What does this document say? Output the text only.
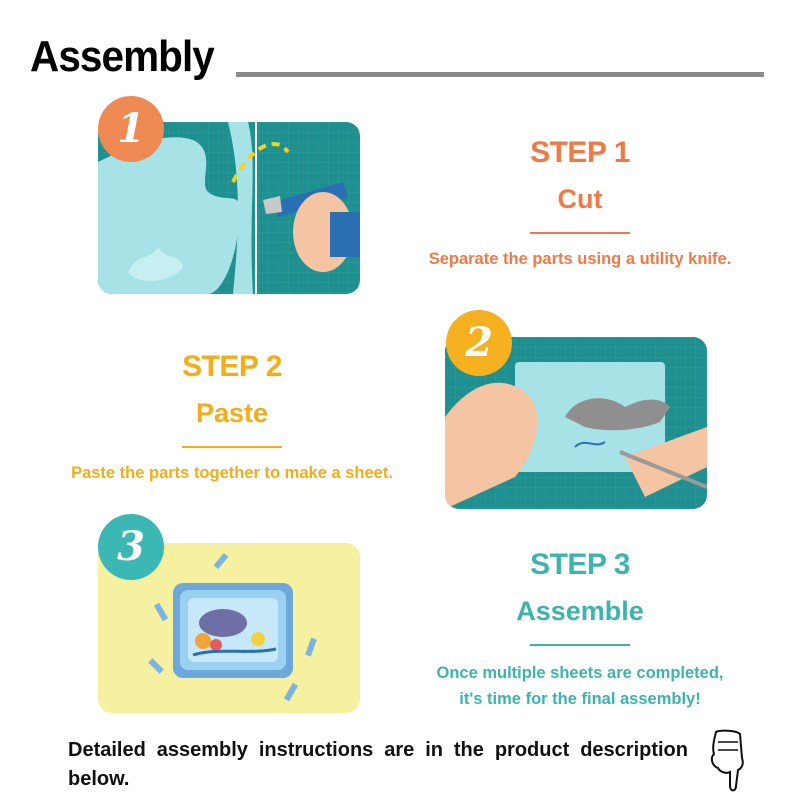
Assembly
1
STEP 1
Cut
Separate the parts using a utility knife.
STEP 2
Paste
Paste the parts together to make a sheet.
2
3	STEP 3
Assemble
Once multiple sheets are completed,
it's time for the final assembly!
Detailed assembly instructions are in the product description below.
